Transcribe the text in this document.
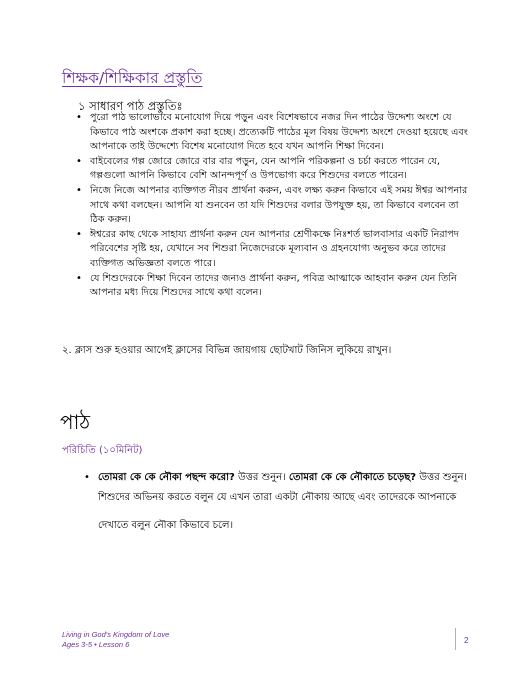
শিক্ষক/শিক্ষিকার প্রস্তুতি
১ সাধারণ পাঠ প্রস্তুতিঃ
• পুরো পাঠ ভালোভাবে মনোযোগ দিয়ে পড়ুন এবং বিশেষভাবে নজর দিন পাঠের উদ্দেশ্য অংশে যে কিভাবে পাঠ অংশকে প্রকাশ করা হচ্ছে। প্রত্যেকটি পাঠের মূল বিষয় উদ্দেশ্য অংশে দেওয়া হয়েছে এবং আপনাকে তাই উদ্দেশ্যে বিশেষ মনোযোগ দিতে হবে যখন আপনি শিক্ষা দিবেন।
• বাইবেলের গল্প জোরে জোরে বার বার পড়ুন, যেন আপনি পরিকল্পনা ও চর্চা করতে পারেন যে, গল্পগুলো আপনি কিভাবে বেশি আনন্দপূর্ণ ও উপভোগ্য করে শিশুদের বলতে পারেন।
• নিজে নিজে আপনার ব্যক্তিগত নীরব প্রার্থনা করুন, এবং লক্ষ্য করুন কিভাবে এই সময় ঈশ্বর আপনার সাথে কথা বলছেন। আপনি যা শুনবেন তা যদি শিশুদের বলার উপযুক্ত হয়, তা কিভাবে বলবেন তা ঠিক করুন।
• ঈশ্বরের কাছ থেকে সাহায্য প্রার্থনা করুন যেন আপনার শ্রেণীকক্ষে নিঃশর্ত ভালবাসার একটি নিরাপদ পরিবেশের সৃষ্টি হয়, যেখানে সব শিশুরা নিজেদেরকে মূল্যবান ও গ্রহনযোগ্য অনুভব করে তাদের ব্যক্তিগত অভিজ্ঞতা বলতে পারে।
• যে শিশুদেরকে শিক্ষা দিবেন তাদের জন্যও প্রার্থনা করুন, পবিত্র আত্মাকে আহবান করুন যেন তিনি আপনার মধ্য দিয়ে শিশুদের সাথে কথা বলেন।
২. ক্লাস শুরু হওয়ার আগেই ক্লাসের বিভিন্ন জায়গায় ছোটখাট জিনিস লুকিয়ে রাখুন।
পাঠ
পরিচিতি (১০মিনিট)
• তোমরা কে কে নৌকা পছন্দ করো? উত্তর শুনুন। তোমরা কে কে নৌকাতে চড়েছ? উত্তর শুনুন।
শিশুদের অভিনয় করতে বলুন যে এখন তারা একটা নৌকায় আছে এবং তাদেরকে আপনাকে
দেখাতে বলুন নৌকা কিভাবে চলে।
Living in God's Kingdom of Love
Ages 3-5 • Lesson 6	2
